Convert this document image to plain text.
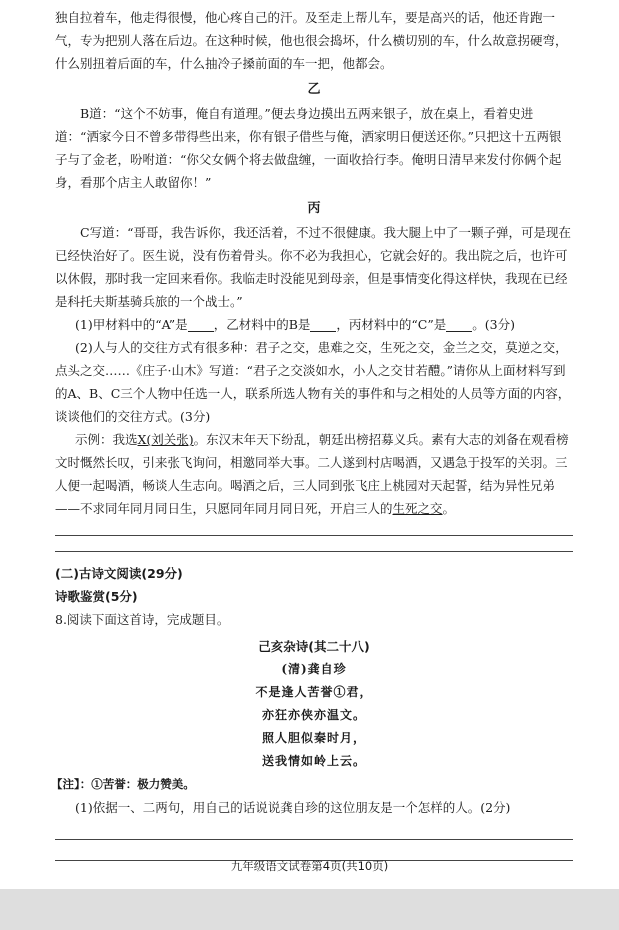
独自拉着车，他走得很慢，他心疼自己的汗。及至走上帮儿车，要是高兴的话，他还肯跑一气，专为把别人落在后边。在这种时候，他也很会捣坏，什么横切别的车，什么故意拐硬弯，什么别扭着后面的车，什么抽冷子搡前面的车一把，他都会。

乙

B道：“这个不妨事，俺自有道理。”便去身边摸出五两来银子，放在桌上，看着史进道：“洒家今日不曾多带得些出来，你有银子借些与俺，洒家明日便送还你。”只把这十五两银子与了金老，吩咐道：“你父女俩个将去做盘缠，一面收拾行李。俺明日清早来发付你俩个起身，看那个店主人敢留你！”

丙

C写道：“哥哥，我告诉你，我还活着，不过不很健康。我大腿上中了一颗子弹，可是现在已经快治好了。医生说，没有伤着骨头。你不必为我担心，它就会好的。我出院之后，也许可以休假，那时我一定回来看你。我临走时没能见到母亲，但是事情变化得这样快，我现在已经是科托夫斯基骑兵旅的一个战士。”

(1)甲材料中的“A”是 ，乙材料中的B是 ，丙材料中的“C”是 。(3分)

(2)人与人的交往方式有很多种：君子之交，患难之交，生死之交，金兰之交，莫逆之交，点头之交……《庄子·山木》写道：“君子之交淡如水，小人之交甘若醴。”请你从上面材料写到的A、B、C三个人物中任选一人，联系所选人物有关的事件和与之相处的人员等方面的内容，谈谈他们的交往方式。(3分)

示例：我选X(刘关张)。东汉末年天下纷乱，朝廷出榜招募义兵。素有大志的刘备在观看榜文时慨然长叹，引来张飞询问，相邀同举大事。二人遂到村店喝酒，又遇急于投军的关羽。三人便一起喝酒，畅谈人生志向。喝酒之后，三人同到张飞庄上桃园对天起誓，结为异性兄弟——不求同年同月同日生，只愿同年同月同日死，开启三人的生死之交。

(二)古诗文阅读(29分)

诗歌鉴赏(5分)

8.阅读下面这首诗，完成题目。

己亥杂诗(其二十八)

(清)龚自珍

不是逢人苦誉①君，

亦狂亦侠亦温文。

照人胆似秦时月，

送我情如岭上云。

【注】：①苦誉：极力赞美。

(1)依据一、二两句，用自己的话说说龚自珍的这位朋友是一个怎样的人。(2分)

九年级语文试卷第4页(共10页)
